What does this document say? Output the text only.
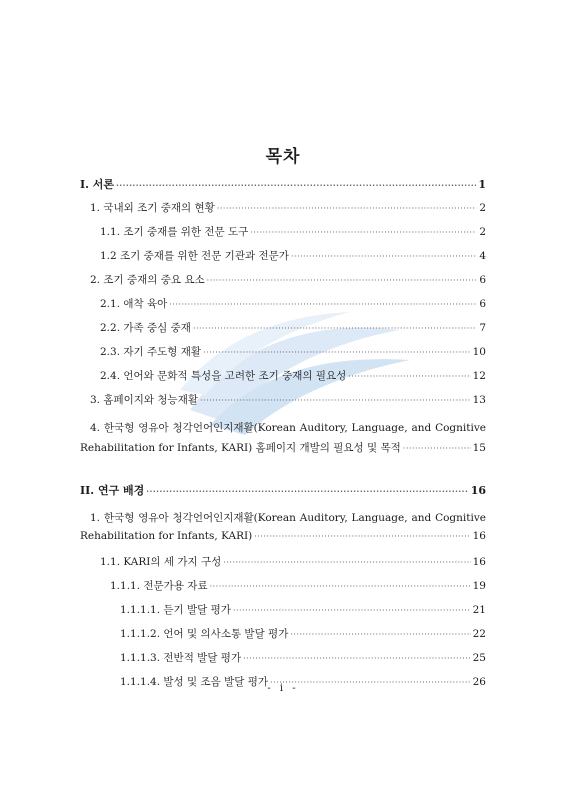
목차
I. 서론 ·····	1
1. 국내외 조기 중재의 현황 ·····	2
1.1. 조기 중재를 위한 전문 도구 ·····	2
1.2 조기 중재를 위한 전문 기관과 전문가 ·····	4
2. 조기 중재의 중요 요소 ·····	6
2.1. 애착 육아 ·····	6
2.2. 가족 중심 중재 ·····	7
2.3. 자기 주도형 재활 ·····	10
2.4. 언어와 문화적 특성을 고려한 조기 중재의 필요성 ·····	12
3. 홈페이지와 청능재활 ·····	13
4. 한국형 영유아 청각언어인지재활(Korean Auditory, Language, and Cognitive
Rehabilitation for Infants, KARI) 홈페이지 개발의 필요성 및 목적 ·····	15
II. 연구 배경 ·····	16
1. 한국형 영유아 청각언어인지재활(Korean Auditory, Language, and Cognitive
Rehabilitation for Infants, KARI) ·····	16
1.1. KARI의 세 가지 구성 ·····	16
1.1.1. 전문가용 자료 ·····	19
1.1.1.1. 듣기 발달 평가 ·····	21
1.1.1.2. 언어 및 의사소통 발달 평가 ·····	22
1.1.1.3. 전반적 발달 평가 ·····	25
1.1.1.4. 발성 및 조음 발달 평가 ·····	26
- i -
